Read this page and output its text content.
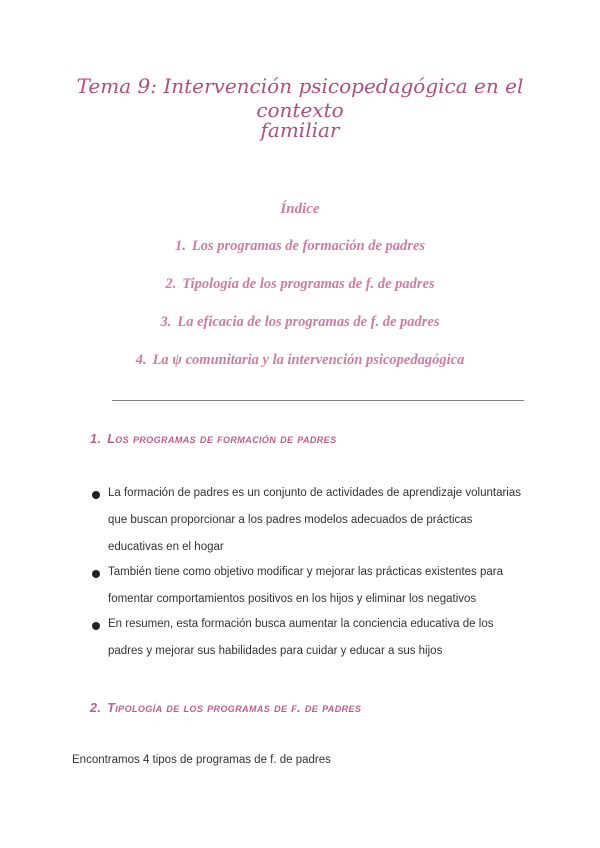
Tema 9: Intervención psicopedagógica en el contexto
familiar
Índice
1. Los programas de formación de padres
2. Tipología de los programas de f. de padres
3. La eficacia de los programas de f. de padres
4. La ψ comunitaria y la intervención psicopedagógica
1. Los programas de formación de padres
La formación de padres es un conjunto de actividades de aprendizaje voluntarias
que buscan proporcionar a los padres modelos adecuados de prácticas
educativas en el hogar
También tiene como objetivo modificar y mejorar las prácticas existentes para
fomentar comportamientos positivos en los hijos y eliminar los negativos
En resumen, esta formación busca aumentar la conciencia educativa de los
padres y mejorar sus habilidades para cuidar y educar a sus hijos
2. Tipología de los programas de f. de padres
Encontramos 4 tipos de programas de f. de padres
